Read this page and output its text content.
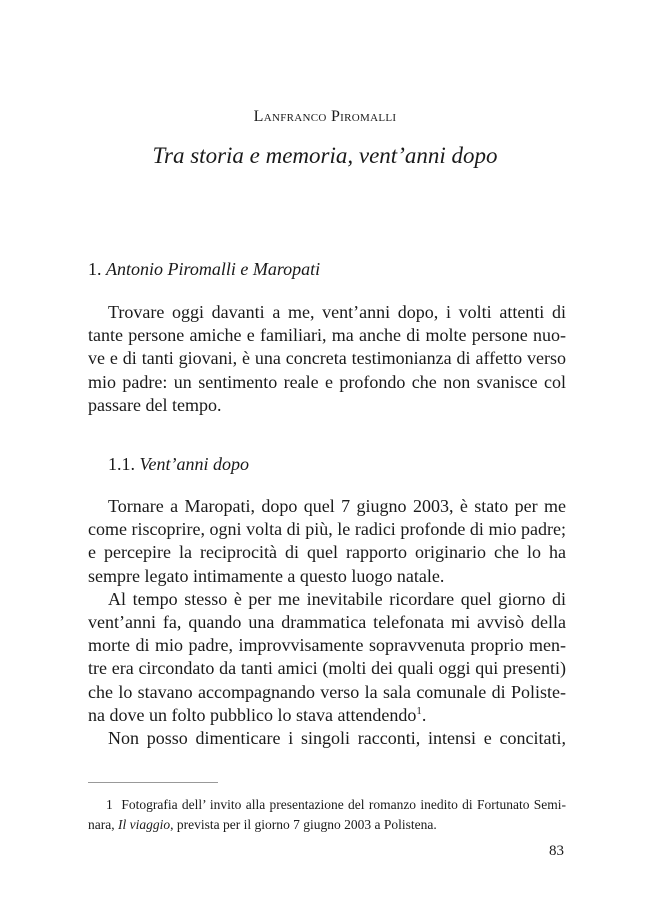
Lanfranco Piromalli
Tra storia e memoria, vent’anni dopo
1. Antonio Piromalli e Maropati
Trovare oggi davanti a me, vent’anni dopo, i volti attenti di
tante persone amiche e familiari, ma anche di molte persone nuo-
ve e di tanti giovani, è una concreta testimonianza di affetto verso
mio padre: un sentimento reale e profondo che non svanisce col
passare del tempo.
1.1. Vent’anni dopo
Tornare a Maropati, dopo quel 7 giugno 2003, è stato per me
come riscoprire, ogni volta di più, le radici profonde di mio padre;
e percepire la reciprocità di quel rapporto originario che lo ha
sempre legato intimamente a questo luogo natale.
Al tempo stesso è per me inevitabile ricordare quel giorno di
vent’anni fa, quando una drammatica telefonata mi avvisò della
morte di mio padre, improvvisamente sopravvenuta proprio men-
tre era circondato da tanti amici (molti dei quali oggi qui presenti)
che lo stavano accompagnando verso la sala comunale di Poliste-
na dove un folto pubblico lo stava attendendo$^1$.
Non posso dimenticare i singoli racconti, intensi e concitati,
1 Fotografia dell’ invito alla presentazione del romanzo inedito di Fortunato Semi-
nara, Il viaggio, prevista per il giorno 7 giugno 2003 a Polistena.
83
